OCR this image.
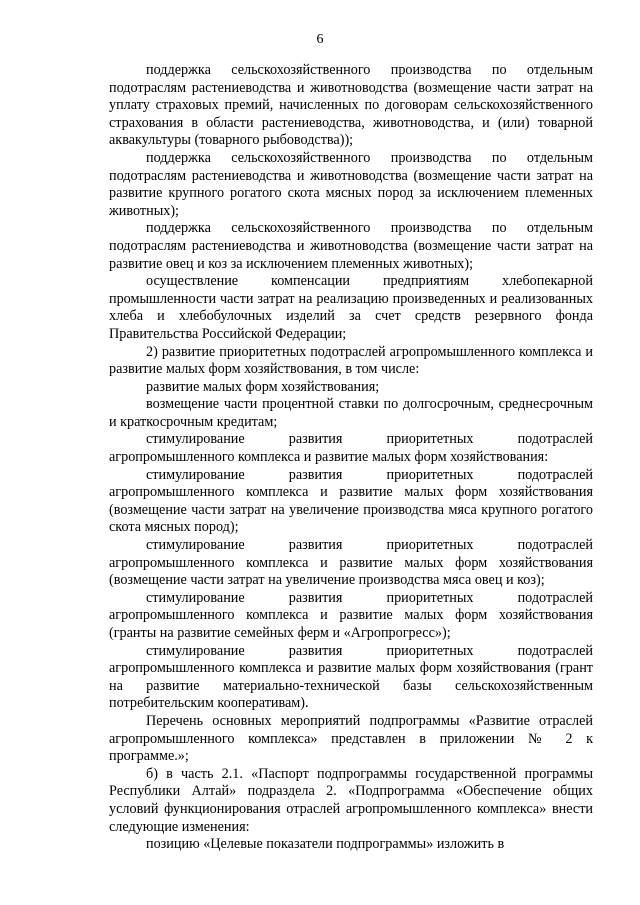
6

поддержка сельскохозяйственного производства по отдельным подотраслям растениеводства и животноводства (возмещение части затрат на уплату страховых премий, начисленных по договорам сельскохозяйственного страхования в области растениеводства, животноводства, и (или) товарной аквакультуры (товарного рыбоводства));

поддержка сельскохозяйственного производства по отдельным подотраслям растениеводства и животноводства (возмещение части затрат на развитие крупного рогатого скота мясных пород за исключением племенных животных);

поддержка сельскохозяйственного производства по отдельным подотраслям растениеводства и животноводства (возмещение части затрат на развитие овец и коз за исключением племенных животных);

осуществление компенсации предприятиям хлебопекарной промышленности части затрат на реализацию произведенных и реализованных хлеба и хлебобулочных изделий за счет средств резервного фонда Правительства Российской Федерации;

2) развитие приоритетных подотраслей агропромышленного комплекса и развитие малых форм хозяйствования, в том числе:

развитие малых форм хозяйствования;

возмещение части процентной ставки по долгосрочным, среднесрочным и краткосрочным кредитам;

стимулирование развития приоритетных подотраслей агропромышленного комплекса и развитие малых форм хозяйствования:

стимулирование развития приоритетных подотраслей агропромышленного комплекса и развитие малых форм хозяйствования (возмещение части затрат на увеличение производства мяса крупного рогатого скота мясных пород);

стимулирование развития приоритетных подотраслей агропромышленного комплекса и развитие малых форм хозяйствования (возмещение части затрат на увеличение производства мяса овец и коз);

стимулирование развития приоритетных подотраслей агропромышленного комплекса и развитие малых форм хозяйствования (гранты на развитие семейных ферм и «Агропрогресс»);

стимулирование развития приоритетных подотраслей агропромышленного комплекса и развитие малых форм хозяйствования (грант на развитие материально-технической базы сельскохозяйственным потребительским кооперативам).

Перечень основных мероприятий подпрограммы «Развитие отраслей агропромышленного комплекса» представлен в приложении № 2 к программе.»;

б) в часть 2.1. «Паспорт подпрограммы государственной программы Республики Алтай» подраздела 2. «Подпрограмма «Обеспечение общих условий функционирования отраслей агропромышленного комплекса» внести следующие изменения:

позицию «Целевые показатели подпрограммы» изложить в
